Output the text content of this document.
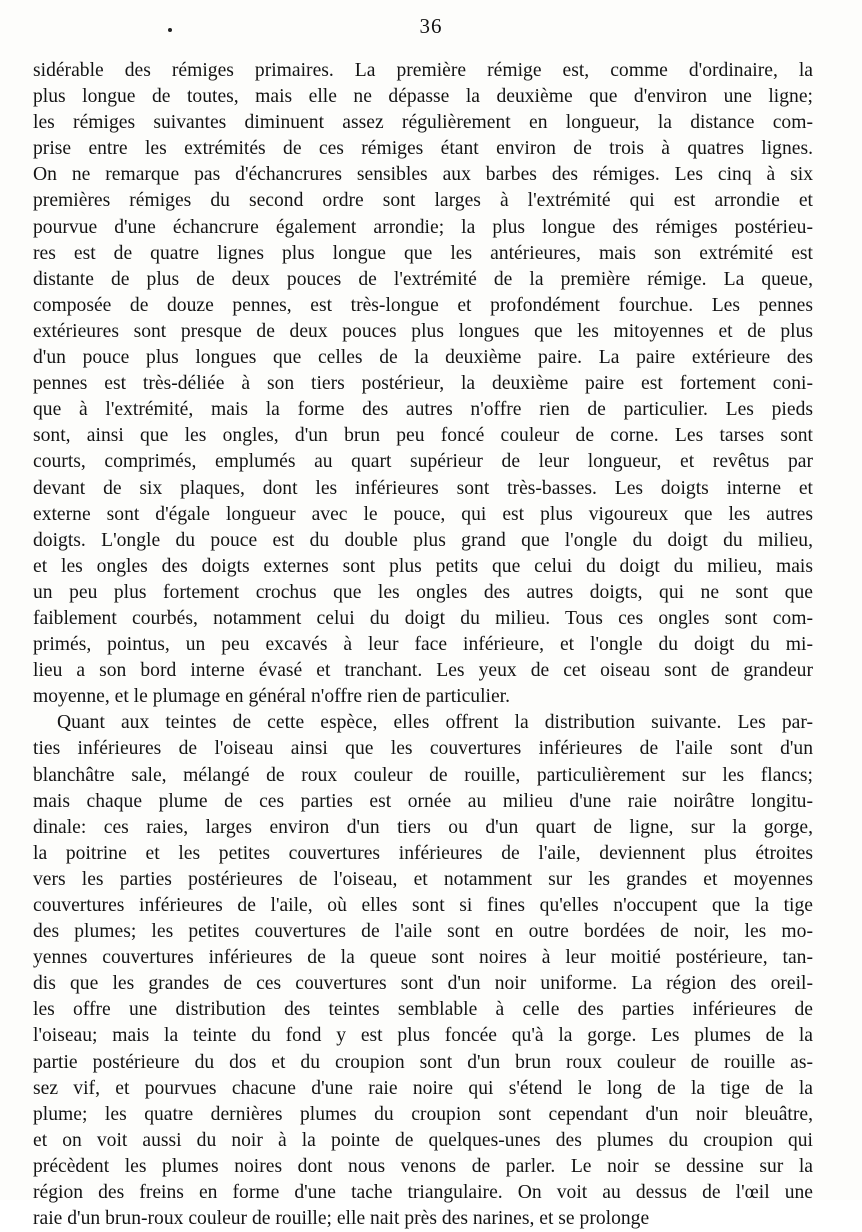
36
sidérable des rémiges primaires. La première rémige est, comme d'ordinaire, la
plus longue de toutes, mais elle ne dépasse la deuxième que d'environ une ligne;
les rémiges suivantes diminuent assez régulièrement en longueur, la distance com-
prise entre les extrémités de ces rémiges étant environ de trois à quatres lignes.
On ne remarque pas d'échancrures sensibles aux barbes des rémiges. Les cinq à six
premières rémiges du second ordre sont larges à l'extrémité qui est arrondie et
pourvue d'une échancrure également arrondie; la plus longue des rémiges postérieu-
res est de quatre lignes plus longue que les antérieures, mais son extrémité est
distante de plus de deux pouces de l'extrémité de la première rémige. La queue,
composée de douze pennes, est très-longue et profondément fourchue. Les pennes
extérieures sont presque de deux pouces plus longues que les mitoyennes et de plus
d'un pouce plus longues que celles de la deuxième paire. La paire extérieure des
pennes est très-déliée à son tiers postérieur, la deuxième paire est fortement coni-
que à l'extrémité, mais la forme des autres n'offre rien de particulier. Les pieds
sont, ainsi que les ongles, d'un brun peu foncé couleur de corne. Les tarses sont
courts, comprimés, emplumés au quart supérieur de leur longueur, et revêtus par
devant de six plaques, dont les inférieures sont très-basses. Les doigts interne et
externe sont d'égale longueur avec le pouce, qui est plus vigoureux que les autres
doigts. L'ongle du pouce est du double plus grand que l'ongle du doigt du milieu,
et les ongles des doigts externes sont plus petits que celui du doigt du milieu, mais
un peu plus fortement crochus que les ongles des autres doigts, qui ne sont que
faiblement courbés, notamment celui du doigt du milieu. Tous ces ongles sont com-
primés, pointus, un peu excavés à leur face inférieure, et l'ongle du doigt du mi-
lieu a son bord interne évasé et tranchant. Les yeux de cet oiseau sont de grandeur
moyenne, et le plumage en général n'offre rien de particulier.
Quant aux teintes de cette espèce, elles offrent la distribution suivante. Les par-
ties inférieures de l'oiseau ainsi que les couvertures inférieures de l'aile sont d'un
blanchâtre sale, mélangé de roux couleur de rouille, particulièrement sur les flancs;
mais chaque plume de ces parties est ornée au milieu d'une raie noirâtre longitu-
dinale: ces raies, larges environ d'un tiers ou d'un quart de ligne, sur la gorge,
la poitrine et les petites couvertures inférieures de l'aile, deviennent plus étroites
vers les parties postérieures de l'oiseau, et notamment sur les grandes et moyennes
couvertures inférieures de l'aile, où elles sont si fines qu'elles n'occupent que la tige
des plumes; les petites couvertures de l'aile sont en outre bordées de noir, les mo-
yennes couvertures inférieures de la queue sont noires à leur moitié postérieure, tan-
dis que les grandes de ces couvertures sont d'un noir uniforme. La région des oreil-
les offre une distribution des teintes semblable à celle des parties inférieures de
l'oiseau; mais la teinte du fond y est plus foncée qu'à la gorge. Les plumes de la
partie postérieure du dos et du croupion sont d'un brun roux couleur de rouille as-
sez vif, et pourvues chacune d'une raie noire qui s'étend le long de la tige de la
plume; les quatre dernières plumes du croupion sont cependant d'un noir bleuâtre,
et on voit aussi du noir à la pointe de quelques-unes des plumes du croupion qui
précèdent les plumes noires dont nous venons de parler. Le noir se dessine sur la
région des freins en forme d'une tache triangulaire. On voit au dessus de l'œil une
raie d'un brun-roux couleur de rouille; elle nait près des narines, et se prolonge
